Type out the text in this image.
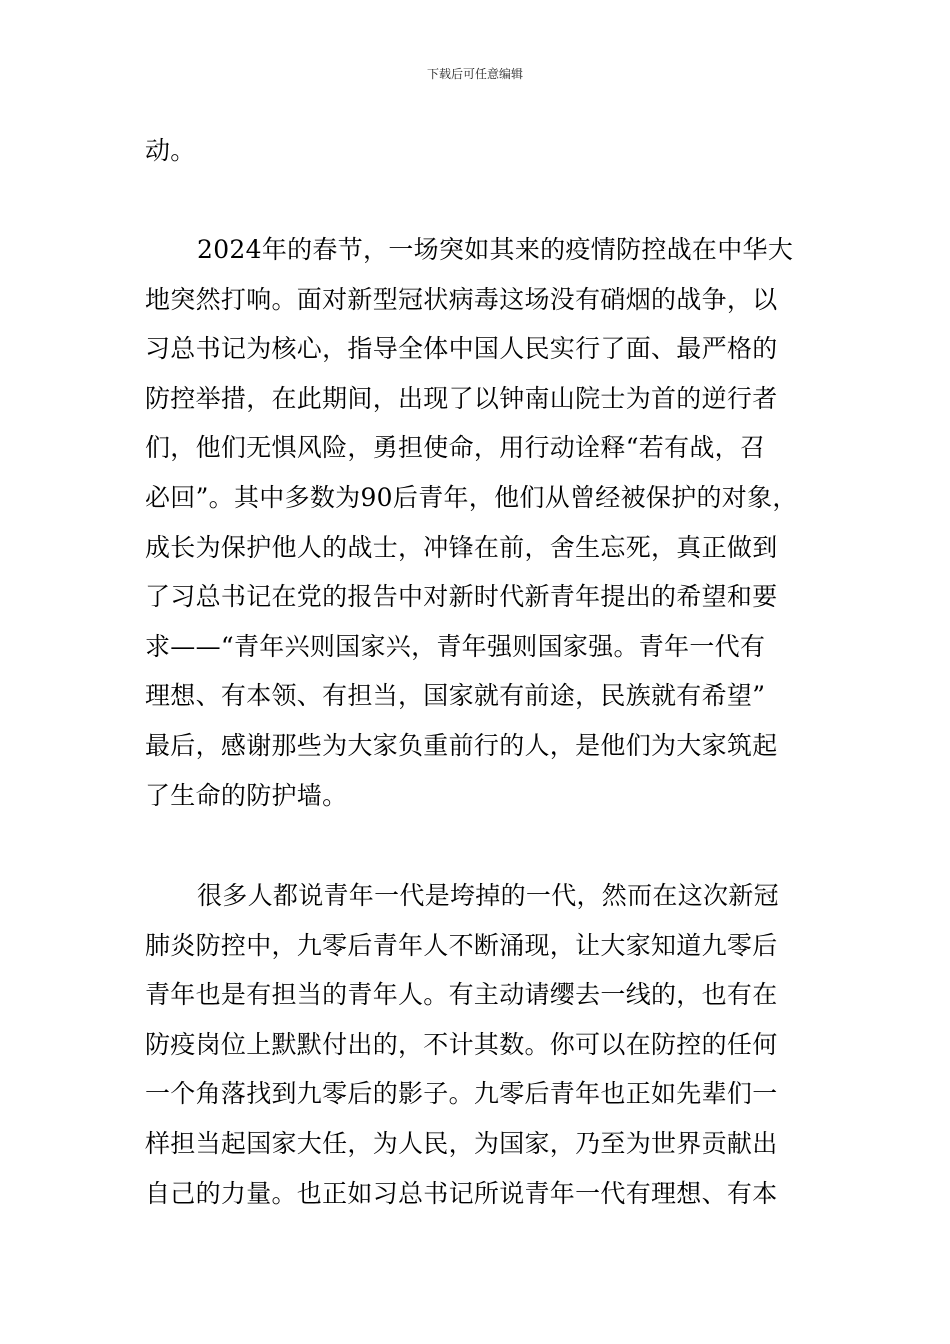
下载后可任意编辑
动。
2024年的春节，一场突如其来的疫情防控战在中华大
地突然打响。面对新型冠状病毒这场没有硝烟的战争，以
习总书记为核心，指导全体中国人民实行了面、最严格的
防控举措，在此期间，出现了以钟南山院士为首的逆行者
们，他们无惧风险，勇担使命，用行动诠释“若有战，召
必回”。其中多数为90后青年，他们从曾经被保护的对象，
成长为保护他人的战士，冲锋在前，舍生忘死，真正做到
了习总书记在党的报告中对新时代新青年提出的希望和要
求——“青年兴则国家兴，青年强则国家强。青年一代有
理想、有本领、有担当，国家就有前途，民族就有希望”
最后，感谢那些为大家负重前行的人，是他们为大家筑起
了生命的防护墙。
很多人都说青年一代是垮掉的一代，然而在这次新冠
肺炎防控中，九零后青年人不断涌现，让大家知道九零后
青年也是有担当的青年人。有主动请缨去一线的，也有在
防疫岗位上默默付出的，不计其数。你可以在防控的任何
一个角落找到九零后的影子。九零后青年也正如先辈们一
样担当起国家大任，为人民，为国家，乃至为世界贡献出
自己的力量。也正如习总书记所说青年一代有理想、有本
